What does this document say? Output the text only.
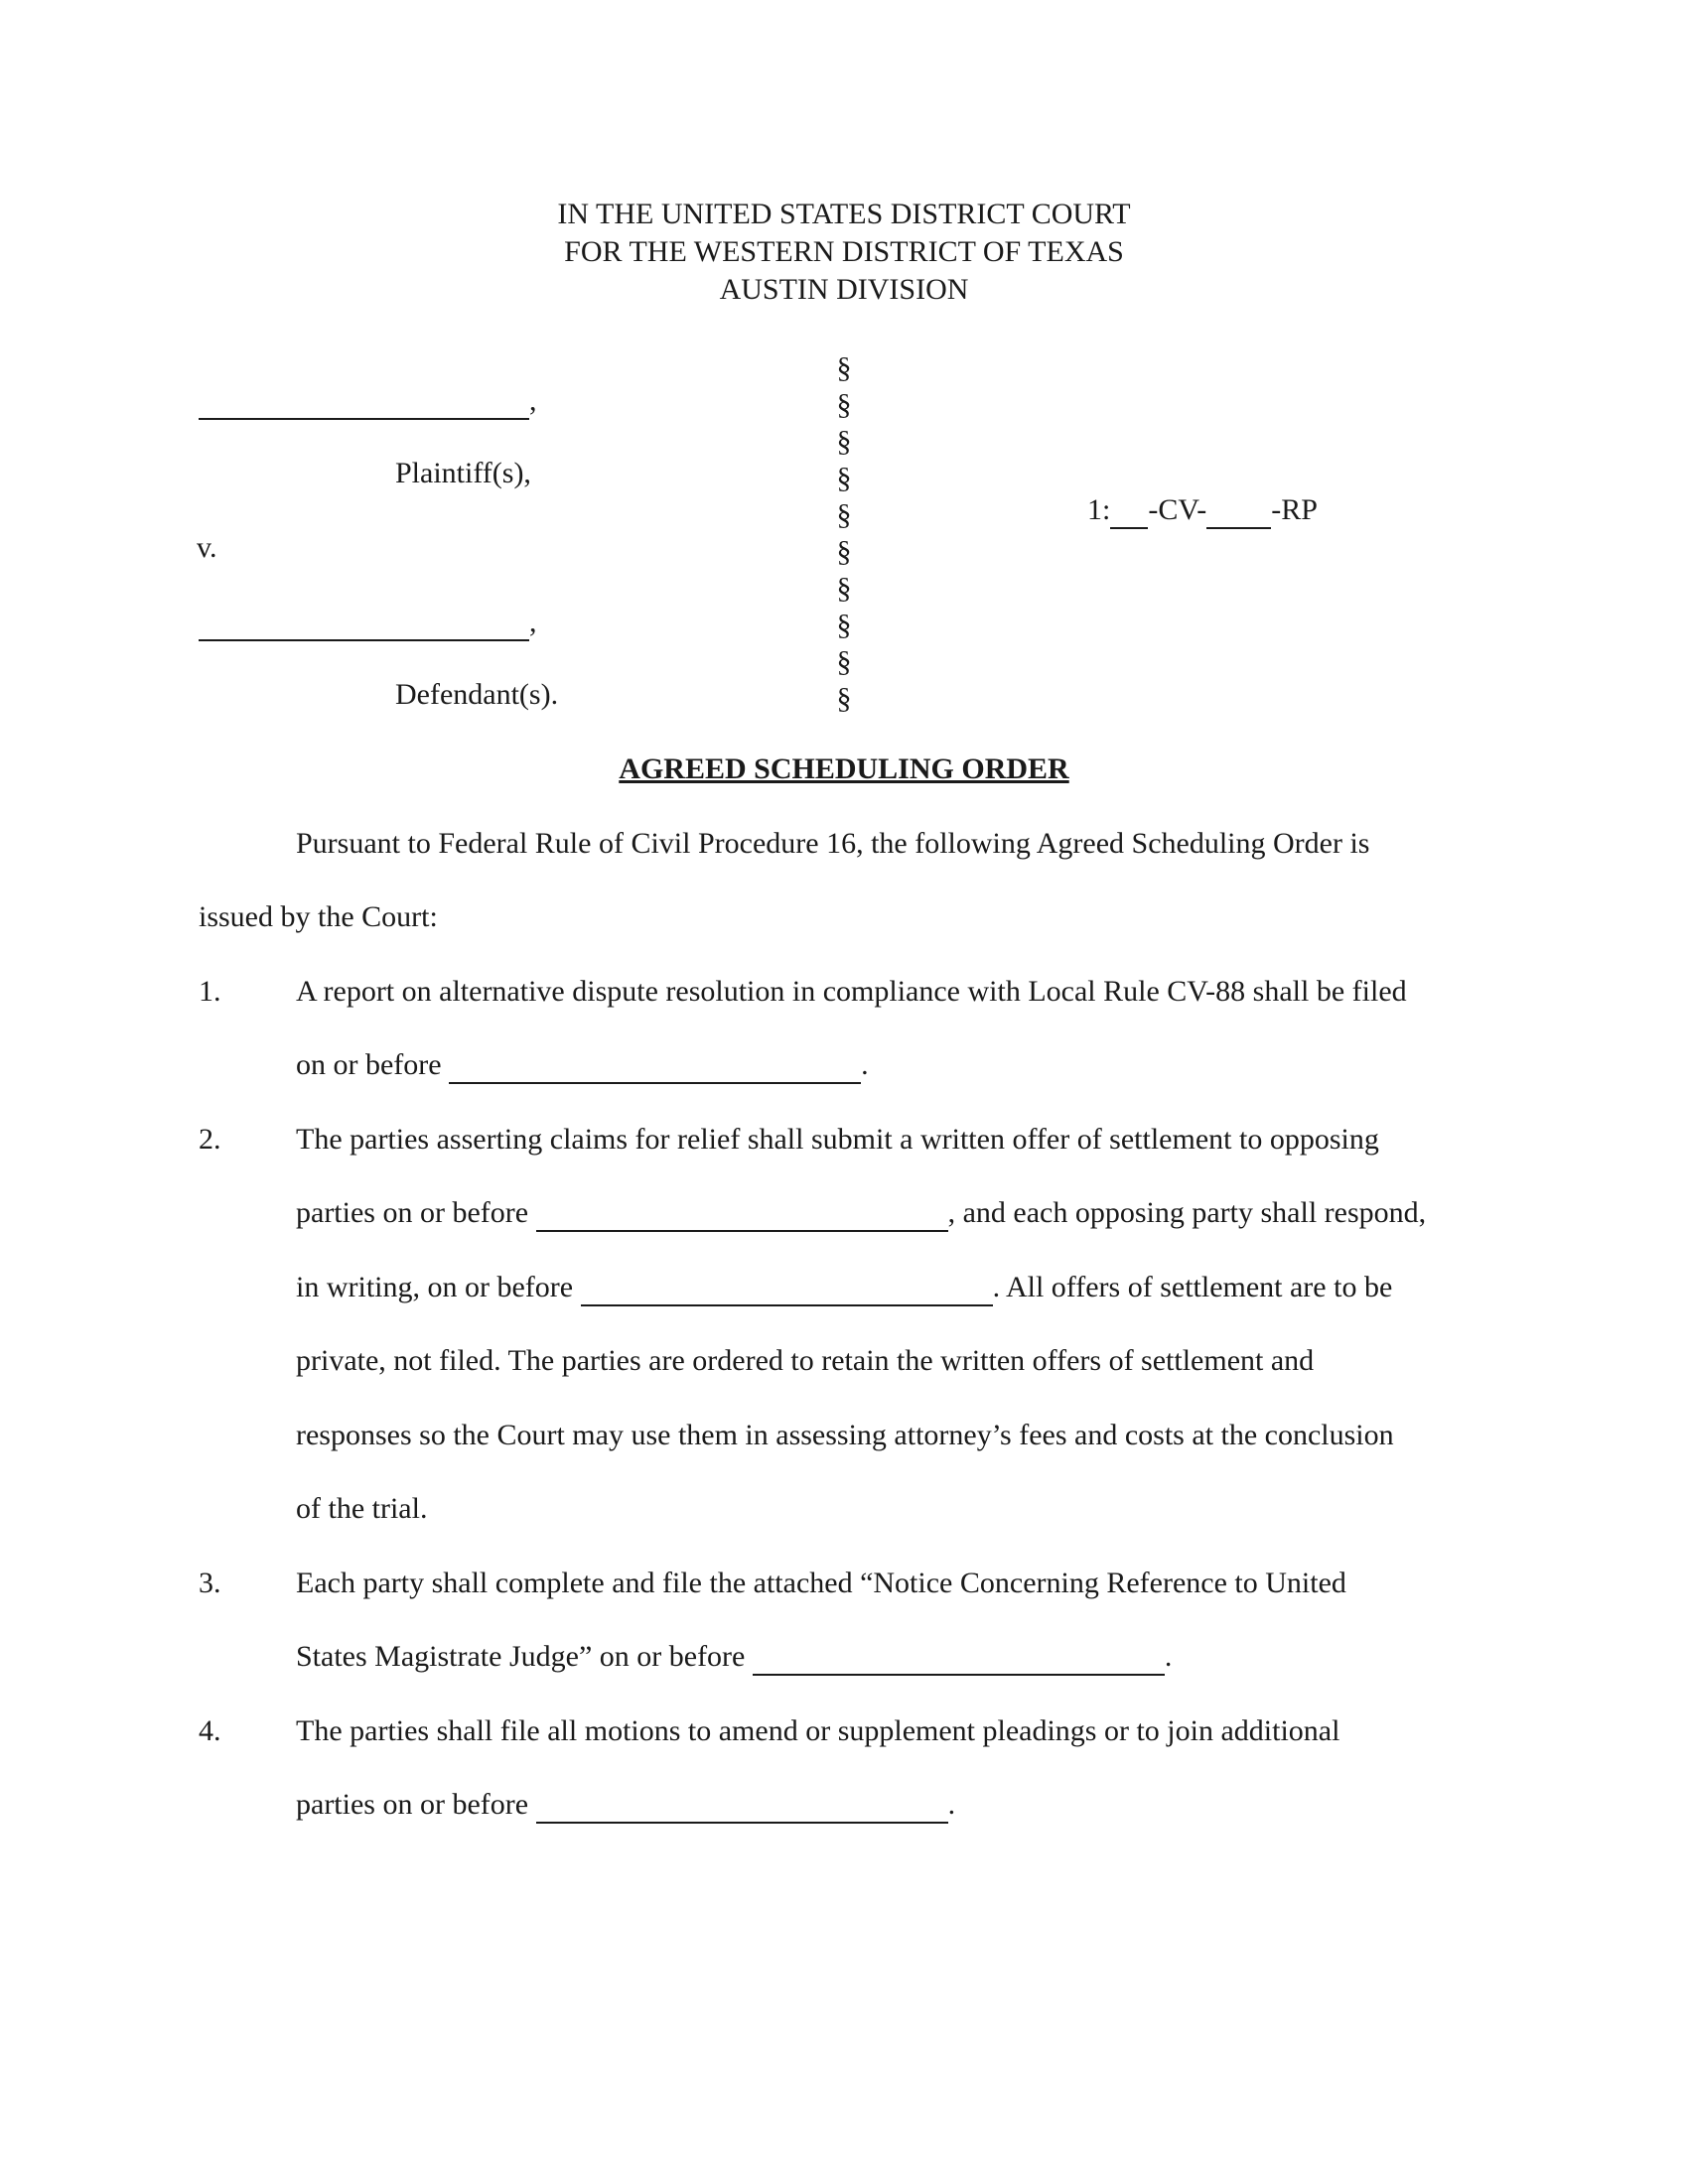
IN THE UNITED STATES DISTRICT COURT
FOR THE WESTERN DISTRICT OF TEXAS
AUSTIN DIVISION
,
Plaintiff(s),
v.
,
Defendant(s).
§
§
§
§
§
§
§
§
§
§
1: -CV- -RP
AGREED SCHEDULING ORDER
Pursuant to Federal Rule of Civil Procedure 16, the following Agreed Scheduling Order is
issued by the Court:
1.	A report on alternative dispute resolution in compliance with Local Rule CV-88 shall be filed
on or before	.
2.	The parties asserting claims for relief shall submit a written offer of settlement to opposing
parties on or before	, and each opposing party shall respond,
in writing, on or before	. All offers of settlement are to be
private, not filed. The parties are ordered to retain the written offers of settlement and
responses so the Court may use them in assessing attorney’s fees and costs at the conclusion
of the trial.
3.	Each party shall complete and file the attached “Notice Concerning Reference to United
States Magistrate Judge” on or before	.
4.	The parties shall file all motions to amend or supplement pleadings or to join additional
parties on or before	.
